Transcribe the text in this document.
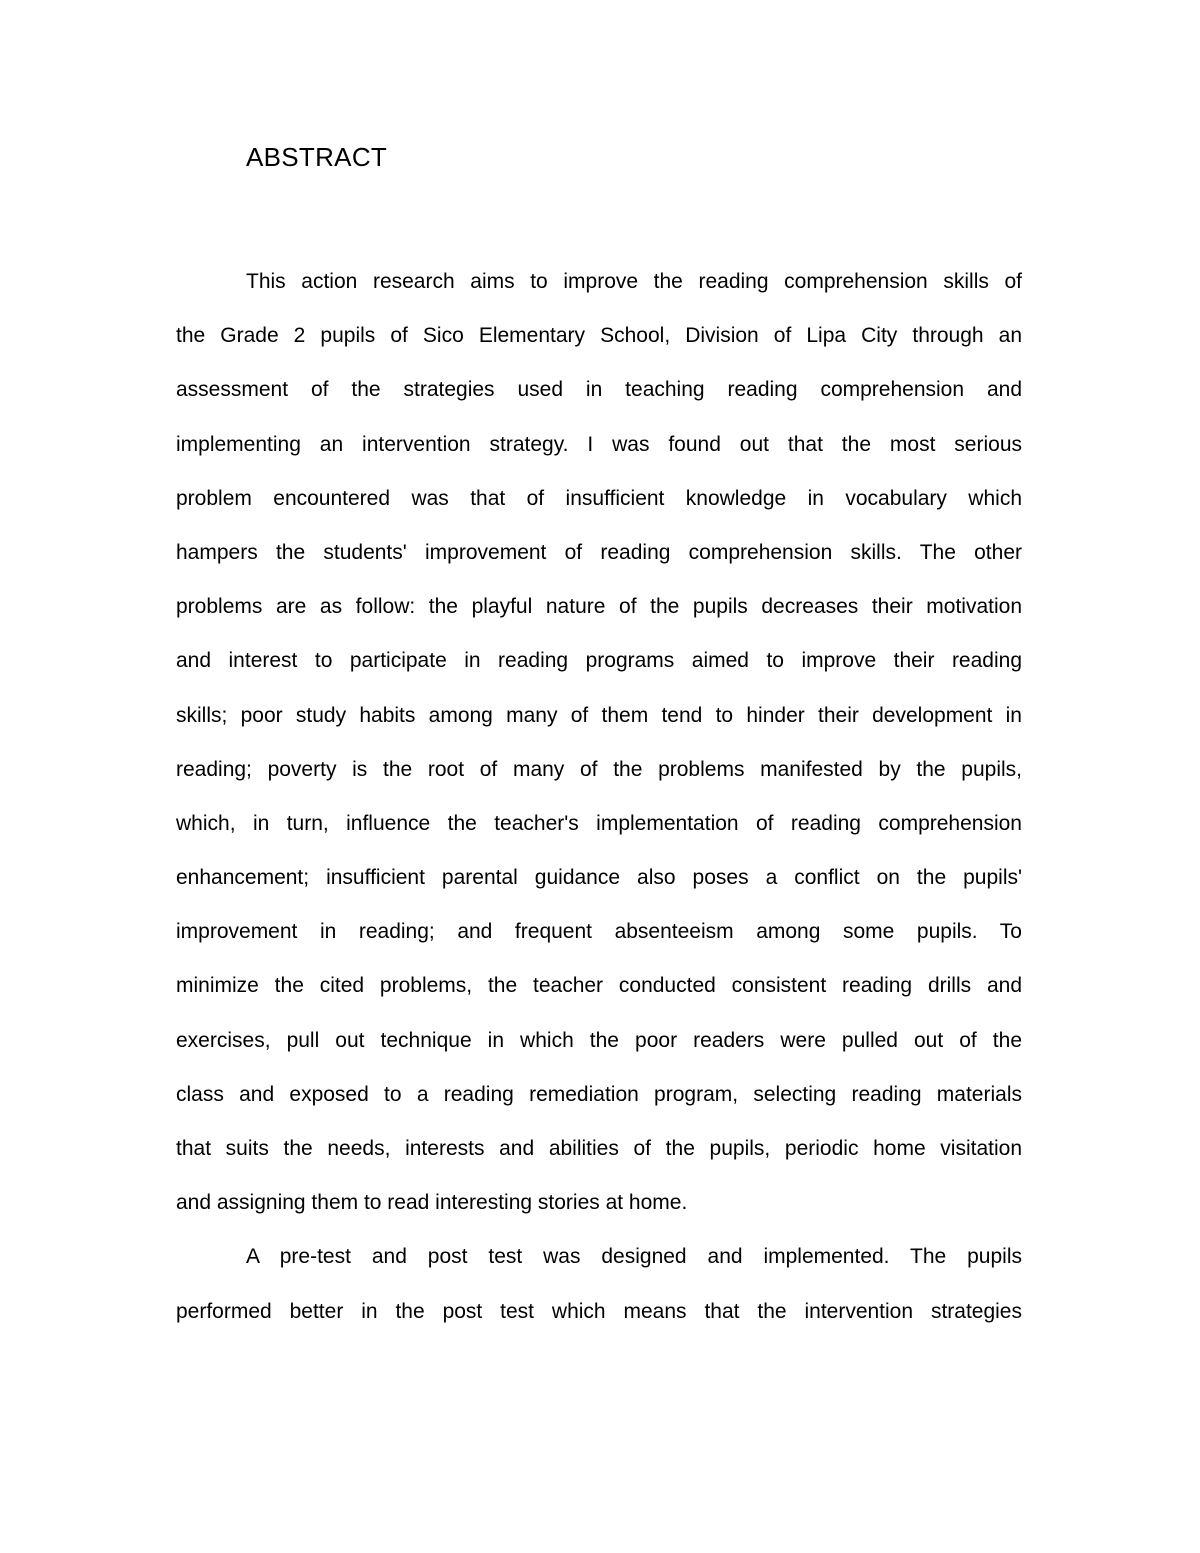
ABSTRACT
This action research aims to improve the reading comprehension skills of
the Grade 2 pupils of Sico Elementary School, Division of Lipa City through an
assessment of the strategies used in teaching reading comprehension and
implementing an intervention strategy. I was found out that the most serious
problem encountered was that of insufficient knowledge in vocabulary which
hampers the students' improvement of reading comprehension skills. The other
problems are as follow: the playful nature of the pupils decreases their motivation
and interest to participate in reading programs aimed to improve their reading
skills; poor study habits among many of them tend to hinder their development in
reading; poverty is the root of many of the problems manifested by the pupils,
which, in turn, influence the teacher's implementation of reading comprehension
enhancement; insufficient parental guidance also poses a conflict on the pupils'
improvement in reading; and frequent absenteeism among some pupils. To
minimize the cited problems, the teacher conducted consistent reading drills and
exercises, pull out technique in which the poor readers were pulled out of the
class and exposed to a reading remediation program, selecting reading materials
that suits the needs, interests and abilities of the pupils, periodic home visitation
and assigning them to read interesting stories at home.
A pre-test and post test was designed and implemented. The pupils
performed better in the post test which means that the intervention strategies
